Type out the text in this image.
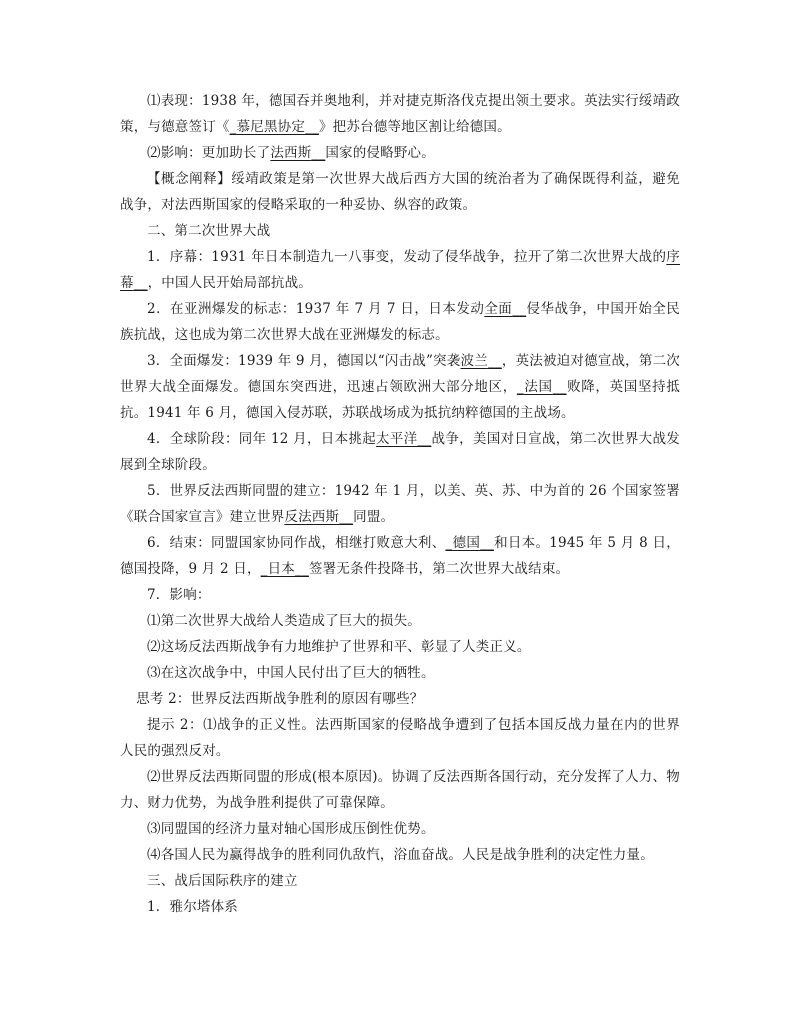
⑴表现：1938 年，德国吞并奥地利，并对捷克斯洛伐克提出领土要求。英法实行绥靖政策，与德意签订《_慕尼黑协定__》把苏台德等地区割让给德国。

⑵影响：更加助长了法西斯__国家的侵略野心。

【概念阐释】绥靖政策是第一次世界大战后西方大国的统治者为了确保既得利益，避免战争，对法西斯国家的侵略采取的一种妥协、纵容的政策。

二、第二次世界大战

1．序幕：1931 年日本制造九一八事变，发动了侵华战争，拉开了第二次世界大战的序幕__，中国人民开始局部抗战。

2．在亚洲爆发的标志：1937 年 7 月 7 日，日本发动全面__侵华战争，中国开始全民族抗战，这也成为第二次世界大战在亚洲爆发的标志。

3．全面爆发：1939 年 9 月，德国以“闪击战”突袭波兰__，英法被迫对德宣战，第二次世界大战全面爆发。德国东突西进，迅速占领欧洲大部分地区，_法国__败降，英国坚持抵抗。1941 年 6 月，德国入侵苏联，苏联战场成为抵抗纳粹德国的主战场。

4．全球阶段：同年 12 月，日本挑起太平洋__战争，美国对日宣战，第二次世界大战发展到全球阶段。

5．世界反法西斯同盟的建立：1942 年 1 月，以美、英、苏、中为首的 26 个国家签署《联合国家宣言》建立世界反法西斯__同盟。

6．结束：同盟国家协同作战，相继打败意大利、_德国__和日本。1945 年 5 月 8 日，德国投降，9 月 2 日，_日本__签署无条件投降书，第二次世界大战结束。

7．影响：

⑴第二次世界大战给人类造成了巨大的损失。

⑵这场反法西斯战争有力地维护了世界和平、彰显了人类正义。

⑶在这次战争中，中国人民付出了巨大的牺牲。

思考 2：世界反法西斯战争胜利的原因有哪些？

提示 2：⑴战争的正义性。法西斯国家的侵略战争遭到了包括本国反战力量在内的世界人民的强烈反对。

⑵世界反法西斯同盟的形成(根本原因)。协调了反法西斯各国行动，充分发挥了人力、物力、财力优势，为战争胜利提供了可靠保障。

⑶同盟国的经济力量对轴心国形成压倒性优势。

⑷各国人民为赢得战争的胜利同仇敌忾，浴血奋战。人民是战争胜利的决定性力量。

三、战后国际秩序的建立

1．雅尔塔体系
